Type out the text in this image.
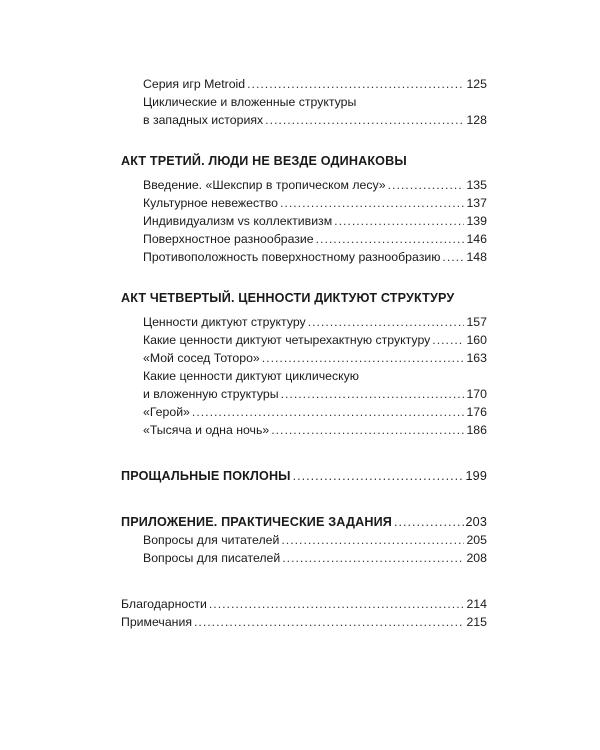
Серия игр Metroid .....	125
Циклические и вложенные структуры
в западных историях .....	128
АКТ ТРЕТИЙ. ЛЮДИ НЕ ВЕЗДЕ ОДИНАКОВЫ
Введение. «Шекспир в тропическом лесу» .....	135
Культурное невежество .....	137
Индивидуализм vs коллективизм .....	139
Поверхностное разнообразие .....	146
Противоположность поверхностному разнообразию ..... 148
АКТ ЧЕТВЕРТЫЙ. ЦЕННОСТИ ДИКТУЮТ СТРУКТУРУ
Ценности диктуют структуру .....	157
Какие ценности диктуют четырехактную структуру .....	160
«Мой сосед Тоторо» .....	163
Какие ценности диктуют циклическую
и вложенную структуры .....	170
«Герой» .....	176
«Тысяча и одна ночь» .....	186
ПРОЩАЛЬНЫЕ ПОКЛОНЫ .....	199
ПРИЛОЖЕНИЕ. ПРАКТИЧЕСКИЕ ЗАДАНИЯ .....	203
Вопросы для читателей .....	205
Вопросы для писателей .....	208
Благодарности .....	214
Примечания .....	215
